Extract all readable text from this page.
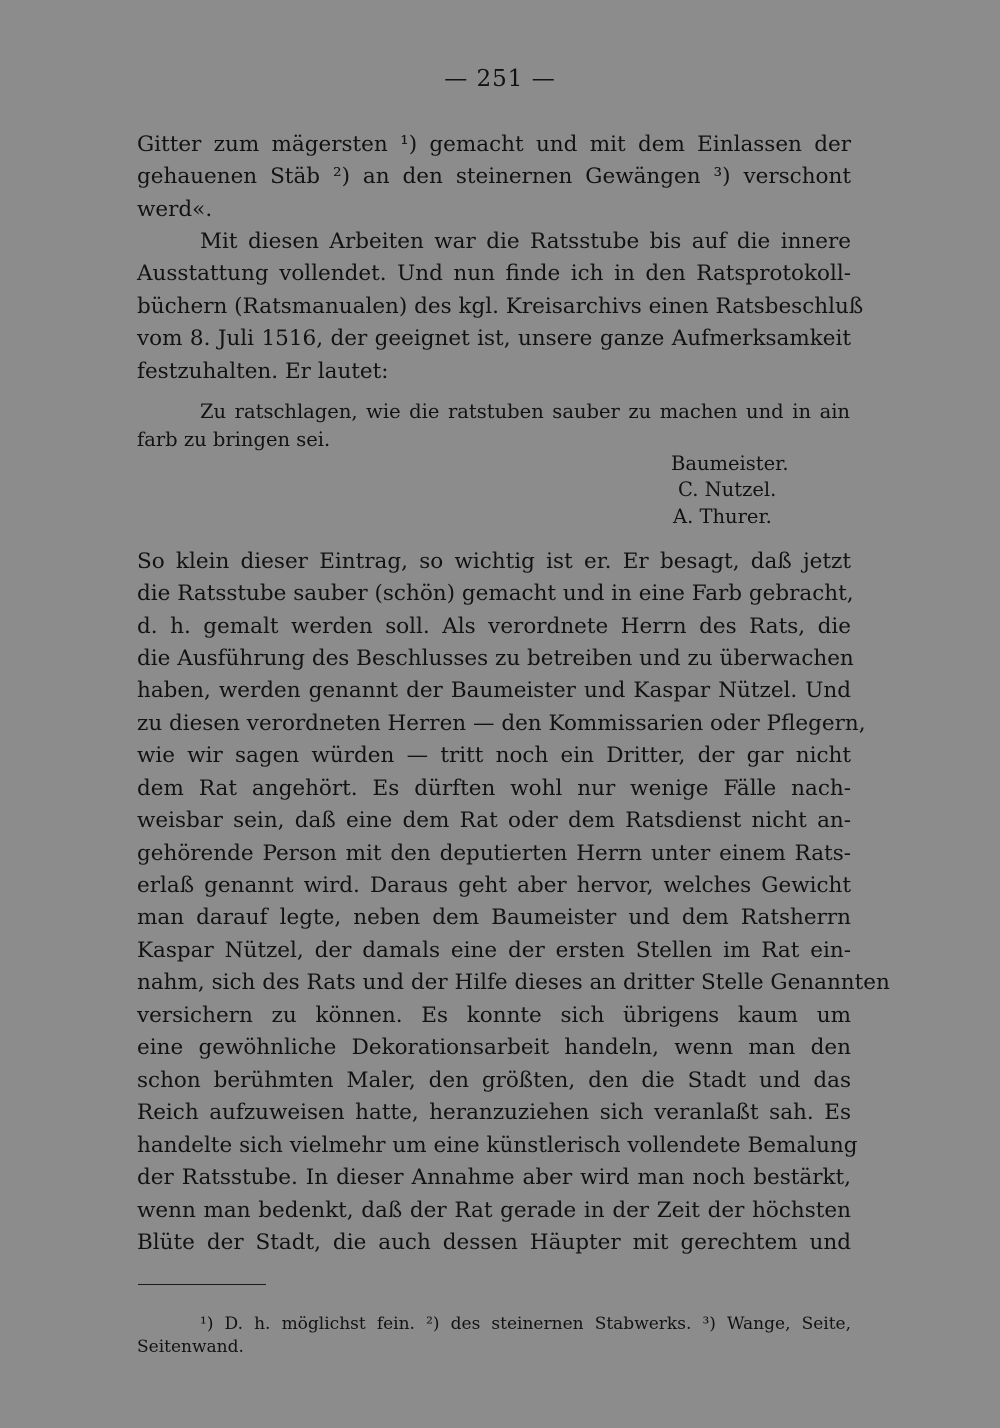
— 251 —
Gitter zum mägersten ¹) gemacht und mit dem Einlassen der
gehauenen Stäb ²) an den steinernen Gewängen ³) verschont
werd«.
Mit diesen Arbeiten war die Ratsstube bis auf die innere
Ausstattung vollendet. Und nun finde ich in den Ratsprotokoll-
büchern (Ratsmanualen) des kgl. Kreisarchivs einen Ratsbeschluß
vom 8. Juli 1516, der geeignet ist, unsere ganze Aufmerksamkeit
festzuhalten. Er lautet:
Zu ratschlagen, wie die ratstuben sauber zu machen und in ain
farb zu bringen sei.
Baumeister.
C. Nutzel.
A. Thurer.
So klein dieser Eintrag, so wichtig ist er. Er besagt, daß jetzt
die Ratsstube sauber (schön) gemacht und in eine Farb gebracht,
d. h. gemalt werden soll. Als verordnete Herrn des Rats, die
die Ausführung des Beschlusses zu betreiben und zu überwachen
haben, werden genannt der Baumeister und Kaspar Nützel. Und
zu diesen verordneten Herren — den Kommissarien oder Pflegern,
wie wir sagen würden — tritt noch ein Dritter, der gar nicht
dem Rat angehört. Es dürften wohl nur wenige Fälle nach-
weisbar sein, daß eine dem Rat oder dem Ratsdienst nicht an-
gehörende Person mit den deputierten Herrn unter einem Rats-
erlaß genannt wird. Daraus geht aber hervor, welches Gewicht
man darauf legte, neben dem Baumeister und dem Ratsherrn
Kaspar Nützel, der damals eine der ersten Stellen im Rat ein-
nahm, sich des Rats und der Hilfe dieses an dritter Stelle Genannten
versichern zu können. Es konnte sich übrigens kaum um
eine gewöhnliche Dekorationsarbeit handeln, wenn man den
schon berühmten Maler, den größten, den die Stadt und das
Reich aufzuweisen hatte, heranzuziehen sich veranlaßt sah. Es
handelte sich vielmehr um eine künstlerisch vollendete Bemalung
der Ratsstube. In dieser Annahme aber wird man noch bestärkt,
wenn man bedenkt, daß der Rat gerade in der Zeit der höchsten
Blüte der Stadt, die auch dessen Häupter mit gerechtem und
¹) D. h. möglichst fein. ²) des steinernen Stabwerks. ³) Wange, Seite,
Seitenwand.
